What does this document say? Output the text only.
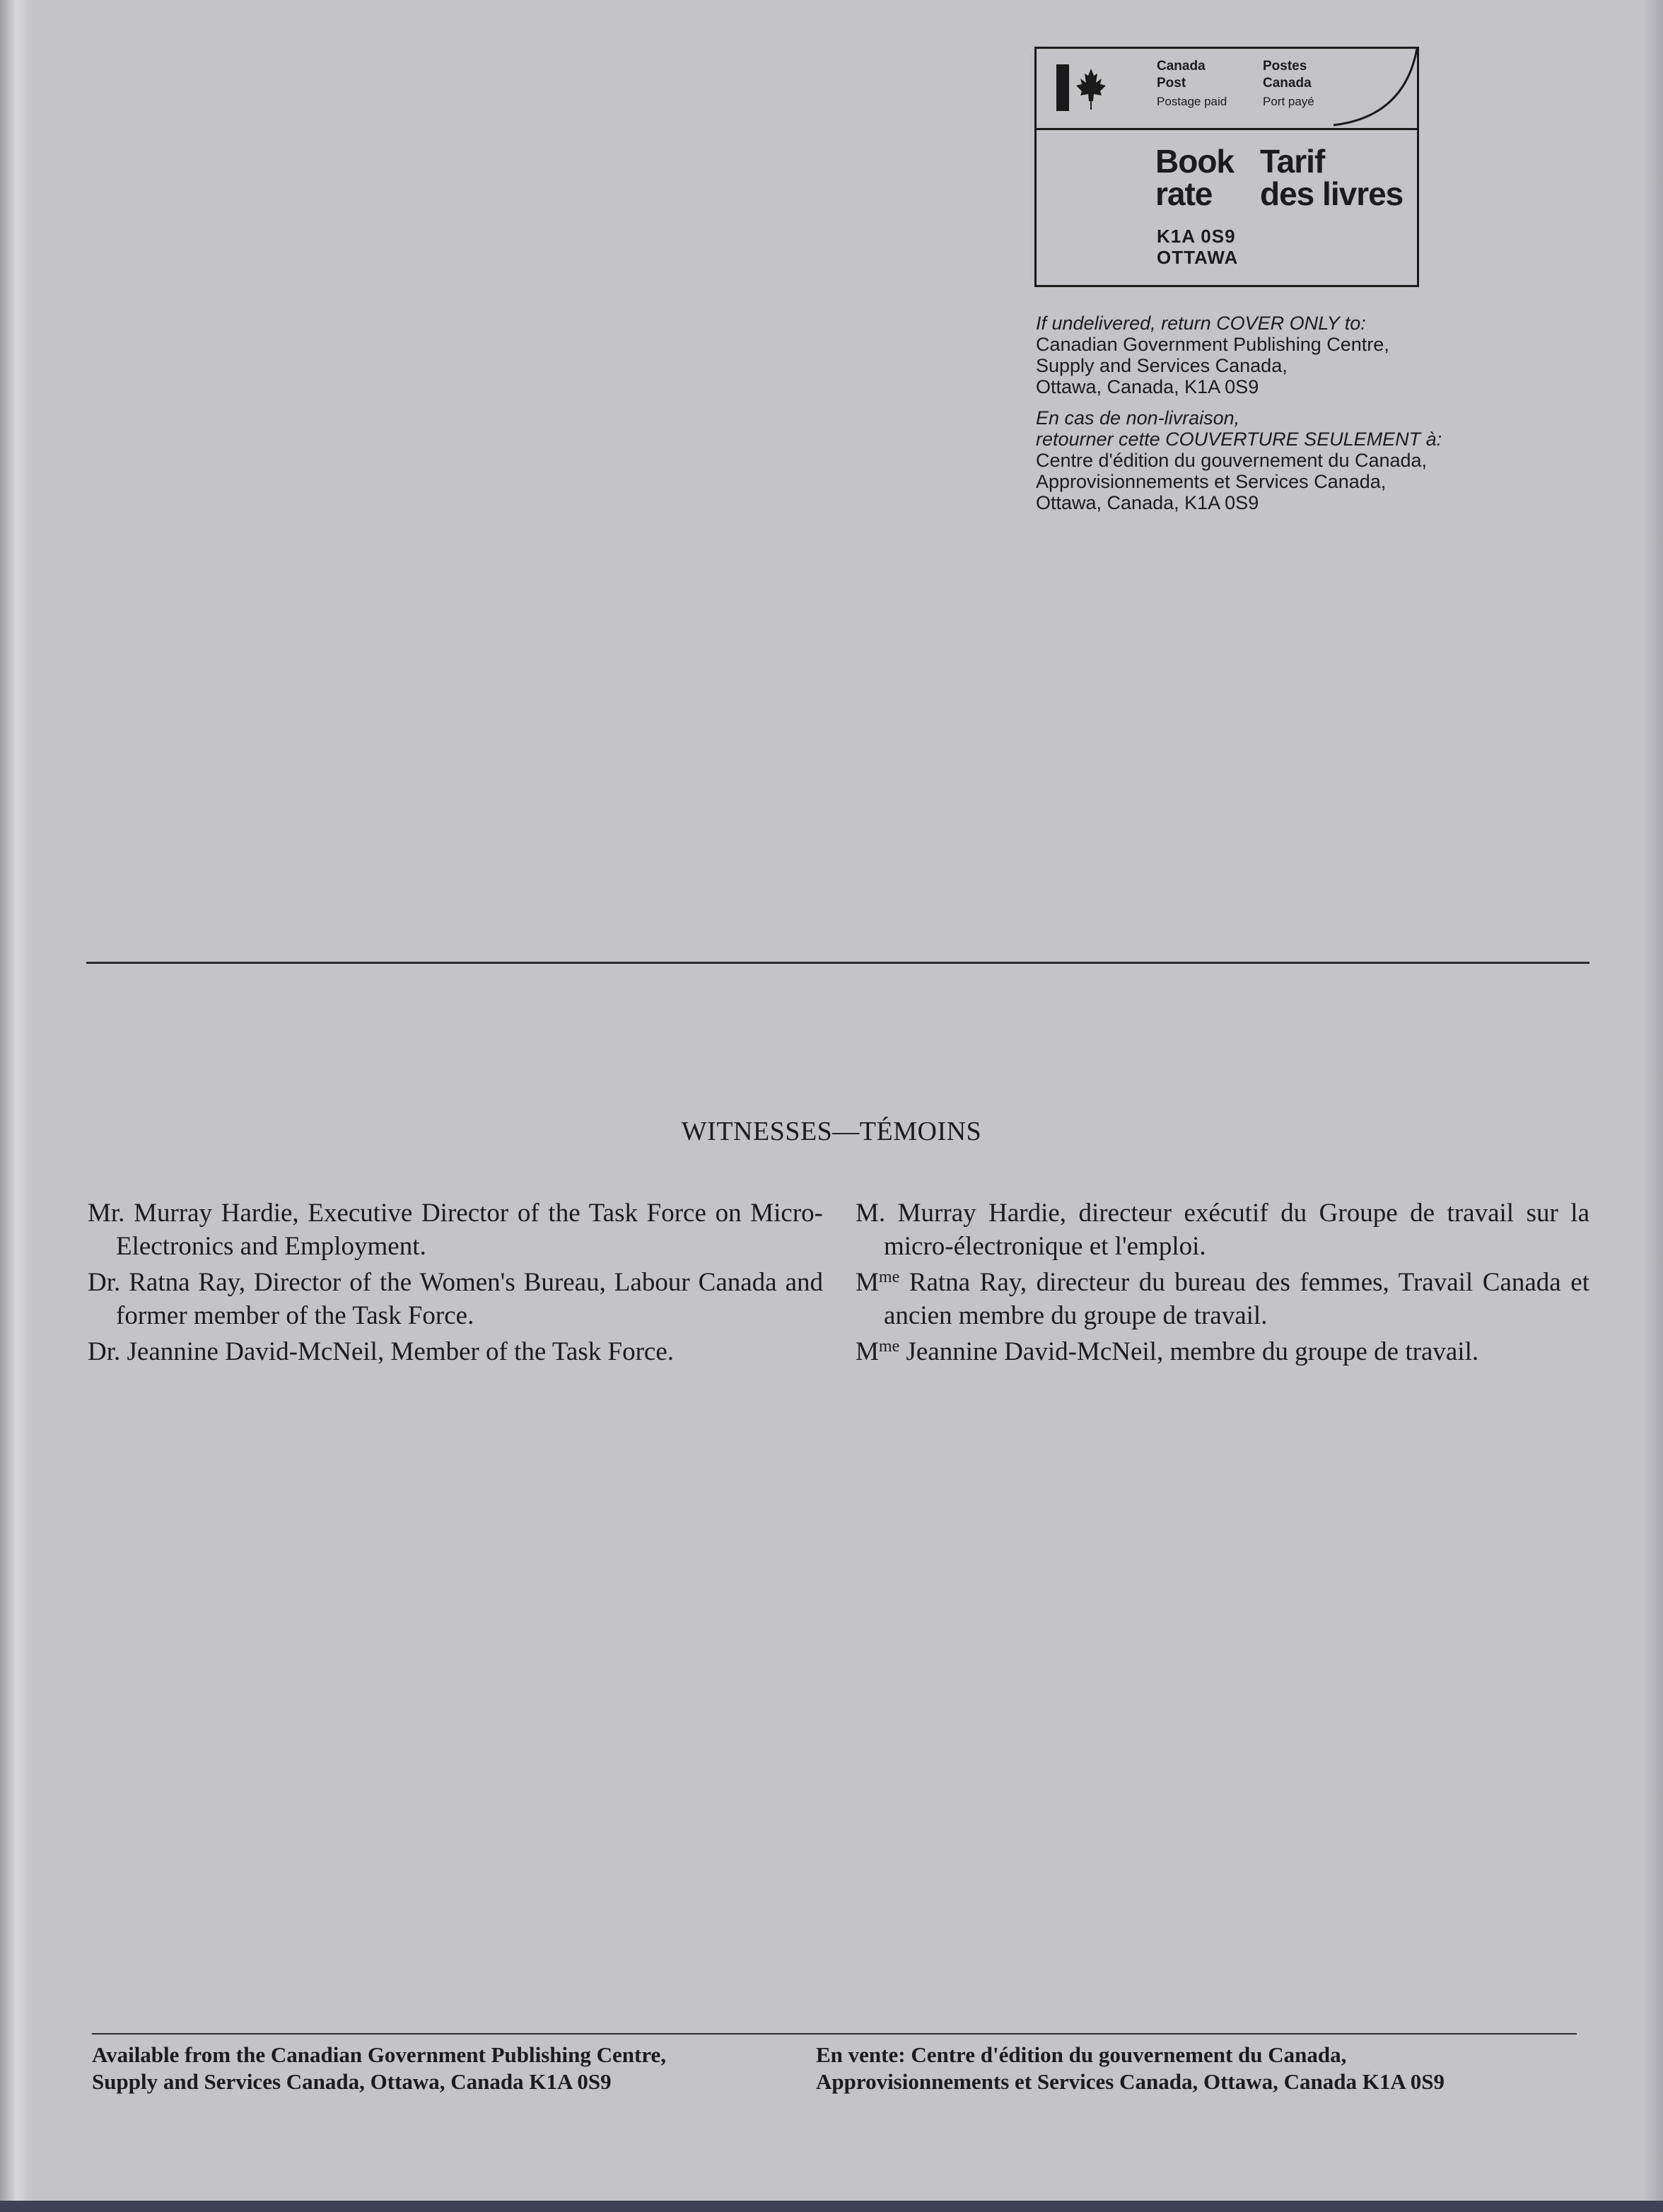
Canada
Post
Postage paid
Postes
Canada
Port payé
Book
rate
Tarif
des livres
K1A 0S9
OTTAWA
If undelivered, return COVER ONLY to:
Canadian Government Publishing Centre,
Supply and Services Canada,
Ottawa, Canada, K1A 0S9
En cas de non-livraison,
retourner cette COUVERTURE SEULEMENT à:
Centre d'édition du gouvernement du Canada,
Approvisionnements et Services Canada,
Ottawa, Canada, K1A 0S9
WITNESSES—TÉMOINS
Mr. Murray Hardie, Executive Director of the Task Force on Micro-Electronics and Employment.
Dr. Ratna Ray, Director of the Women's Bureau, Labour Canada and former member of the Task Force.
Dr. Jeannine David-McNeil, Member of the Task Force.
M. Murray Hardie, directeur exécutif du Groupe de travail sur la micro-électronique et l'emploi.
$M^{me}$ Ratna Ray, directeur du bureau des femmes, Travail Canada et ancien membre du groupe de travail.
$M^{me}$ Jeannine David-McNeil, membre du groupe de travail.
Available from the Canadian Government Publishing Centre,
Supply and Services Canada, Ottawa, Canada K1A 0S9
En vente: Centre d'édition du gouvernement du Canada,
Approvisionnements et Services Canada, Ottawa, Canada K1A 0S9
